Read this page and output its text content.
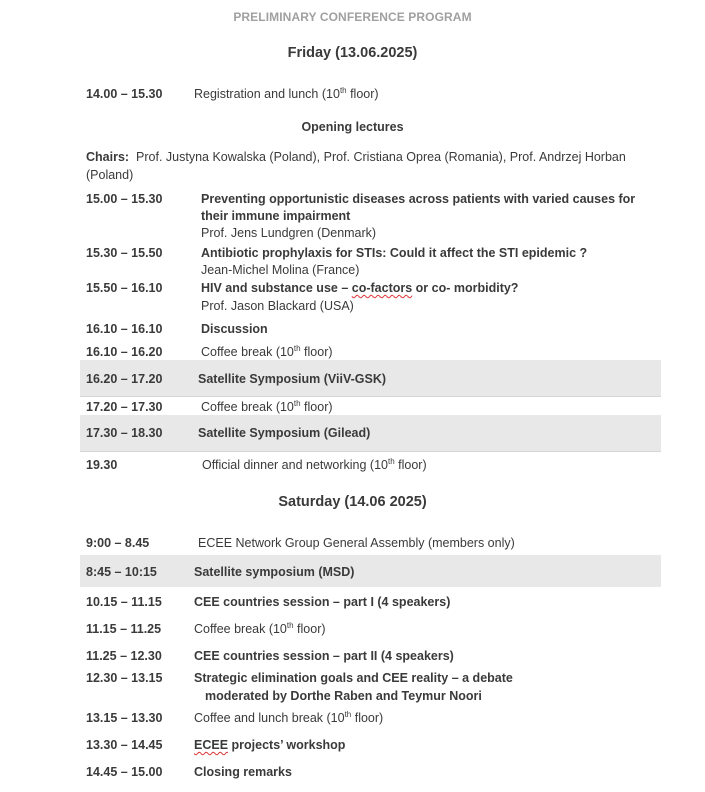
PRELIMINARY CONFERENCE PROGRAM
Friday (13.06.2025)
14.00 – 15.30	Registration and lunch (10th floor)
Opening lectures
Chairs: Prof. Justyna Kowalska (Poland), Prof. Cristiana Oprea (Romania), Prof. Andrzej Horban
(Poland)
15.00 – 15.30	Preventing opportunistic diseases across patients with varied causes for
their immune impairment
Prof. Jens Lundgren (Denmark)
15.30 – 15.50	Antibiotic prophylaxis for STIs: Could it affect the STI epidemic ?
Jean-Michel Molina (France)
15.50 – 16.10	HIV and substance use – co-factors or co- morbidity?
Prof. Jason Blackard (USA)
16.10 – 16.10	Discussion
16.10 – 16.20	Coffee break (10th floor)
16.20 – 17.20	Satellite Symposium (ViiV-GSK)
17.20 – 17.30	Coffee break (10th floor)
17.30 – 18.30	Satellite Symposium (Gilead)
19.30	Official dinner and networking (10th floor)
Saturday (14.06 2025)
9:00 – 8.45	ECEE Network Group General Assembly (members only)
8:45 – 10:15	Satellite symposium (MSD)
10.15 – 11.15	CEE countries session – part I (4 speakers)
11.15 – 11.25	Coffee break (10th floor)
11.25 – 12.30	CEE countries session – part II (4 speakers)
12.30 – 13.15	Strategic elimination goals and CEE reality – a debate
moderated by Dorthe Raben and Teymur Noori
13.15 – 13.30	Coffee and lunch break (10th floor)
13.30 – 14.45	ECEE projects’ workshop
14.45 – 15.00	Closing remarks
